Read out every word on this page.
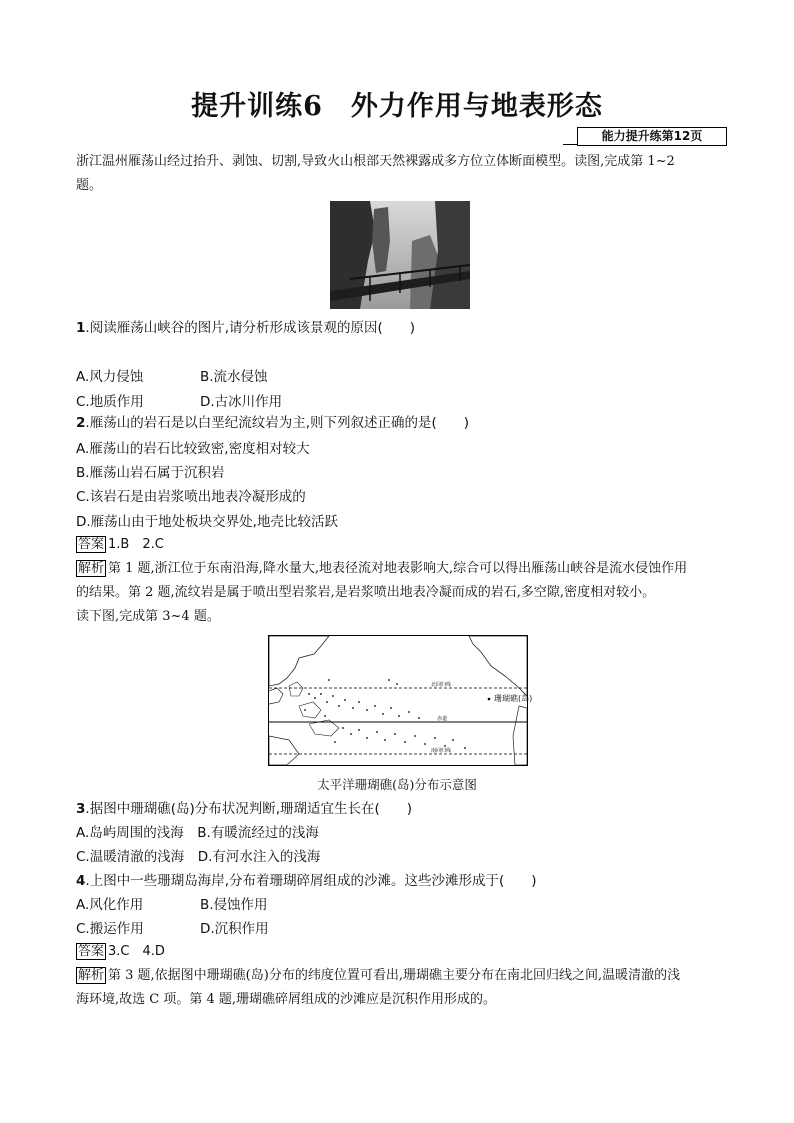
提升训练6　外力作用与地表形态
能力提升练第12页
浙江温州雁荡山经过抬升、剥蚀、切割,导致火山根部天然裸露成多方位立体断面模型。读图,完成第 1~2
题。
1.阅读雁荡山峡谷的图片,请分析形成该景观的原因(　　)
A.风力侵蚀	B.流水侵蚀
C.地质作用	D.古冰川作用
2.雁荡山的岩石是以白垩纪流纹岩为主,则下列叙述正确的是(　　)
A.雁荡山的岩石比较致密,密度相对较大
B.雁荡山岩石属于沉积岩
C.该岩石是由岩浆喷出地表冷凝形成的
D.雁荡山由于地处板块交界处,地壳比较活跃
答案 1.B　2.C
解析 第 1 题,浙江位于东南沿海,降水量大,地表径流对地表影响大,综合可以得出雁荡山峡谷是流水侵蚀作用
的结果。第 2 题,流纹岩是属于喷出型岩浆岩,是岩浆喷出地表冷凝而成的岩石,多空隙,密度相对较小。
读下图,完成第 3~4 题。
北回归线
赤道
南回归线
珊瑚礁(岛)
太平洋珊瑚礁(岛)分布示意图
3.据图中珊瑚礁(岛)分布状况判断,珊瑚适宜生长在(　　)
A.岛屿周围的浅海　B.有暖流经过的浅海
C.温暖清澈的浅海　D.有河水注入的浅海
4.上图中一些珊瑚岛海岸,分布着珊瑚碎屑组成的沙滩。这些沙滩形成于(　　)
A.风化作用	B.侵蚀作用
C.搬运作用	D.沉积作用
答案 3.C　4.D
解析 第 3 题,依据图中珊瑚礁(岛)分布的纬度位置可看出,珊瑚礁主要分布在南北回归线之间,温暖清澈的浅
海环境,故选 C 项。第 4 题,珊瑚礁碎屑组成的沙滩应是沉积作用形成的。
